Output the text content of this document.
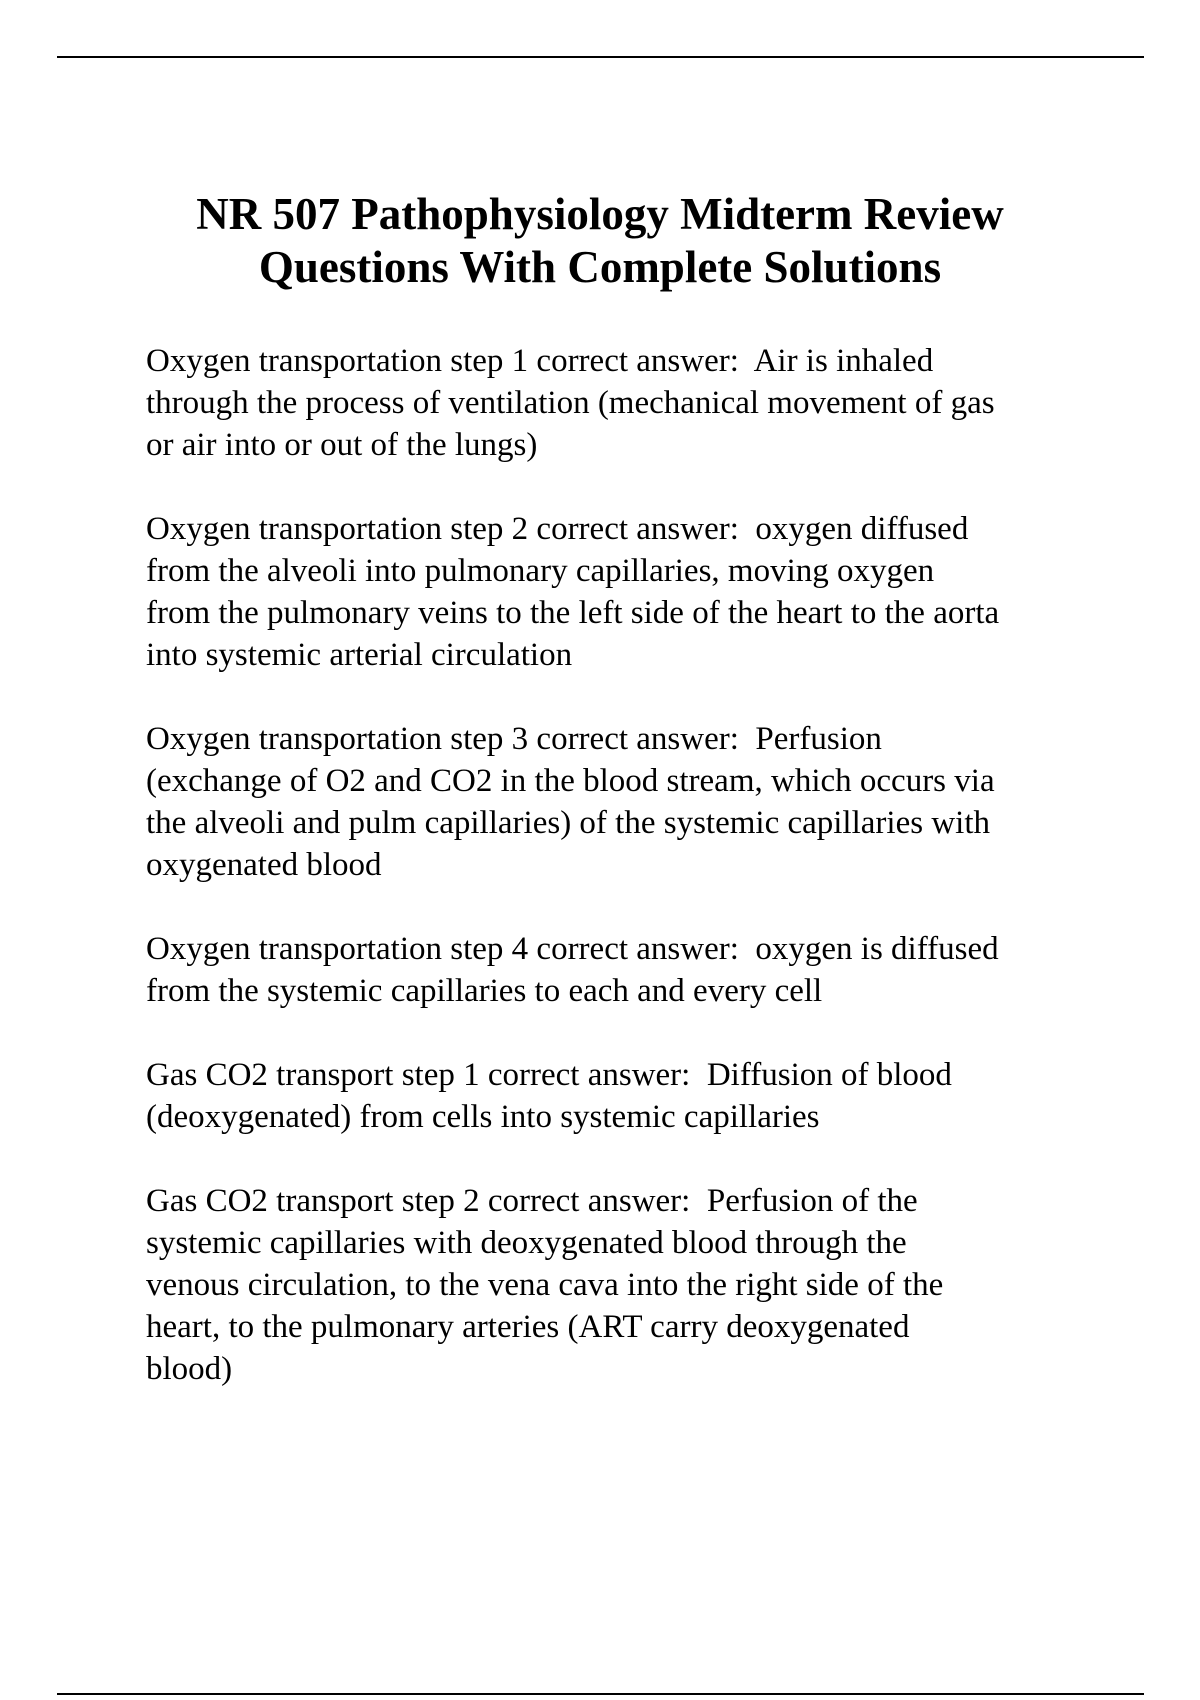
NR 507 Pathophysiology Midterm Review
Questions With Complete Solutions

Oxygen transportation step 1 correct answer:  Air is inhaled
through the process of ventilation (mechanical movement of gas
or air into or out of the lungs)

Oxygen transportation step 2 correct answer:  oxygen diffused
from the alveoli into pulmonary capillaries, moving oxygen
from the pulmonary veins to the left side of the heart to the aorta
into systemic arterial circulation

Oxygen transportation step 3 correct answer:  Perfusion
(exchange of O2 and CO2 in the blood stream, which occurs via
the alveoli and pulm capillaries) of the systemic capillaries with
oxygenated blood

Oxygen transportation step 4 correct answer:  oxygen is diffused
from the systemic capillaries to each and every cell

Gas CO2 transport step 1 correct answer:  Diffusion of blood
(deoxygenated) from cells into systemic capillaries

Gas CO2 transport step 2 correct answer:  Perfusion of the
systemic capillaries with deoxygenated blood through the
venous circulation, to the vena cava into the right side of the
heart, to the pulmonary arteries (ART carry deoxygenated
blood)
